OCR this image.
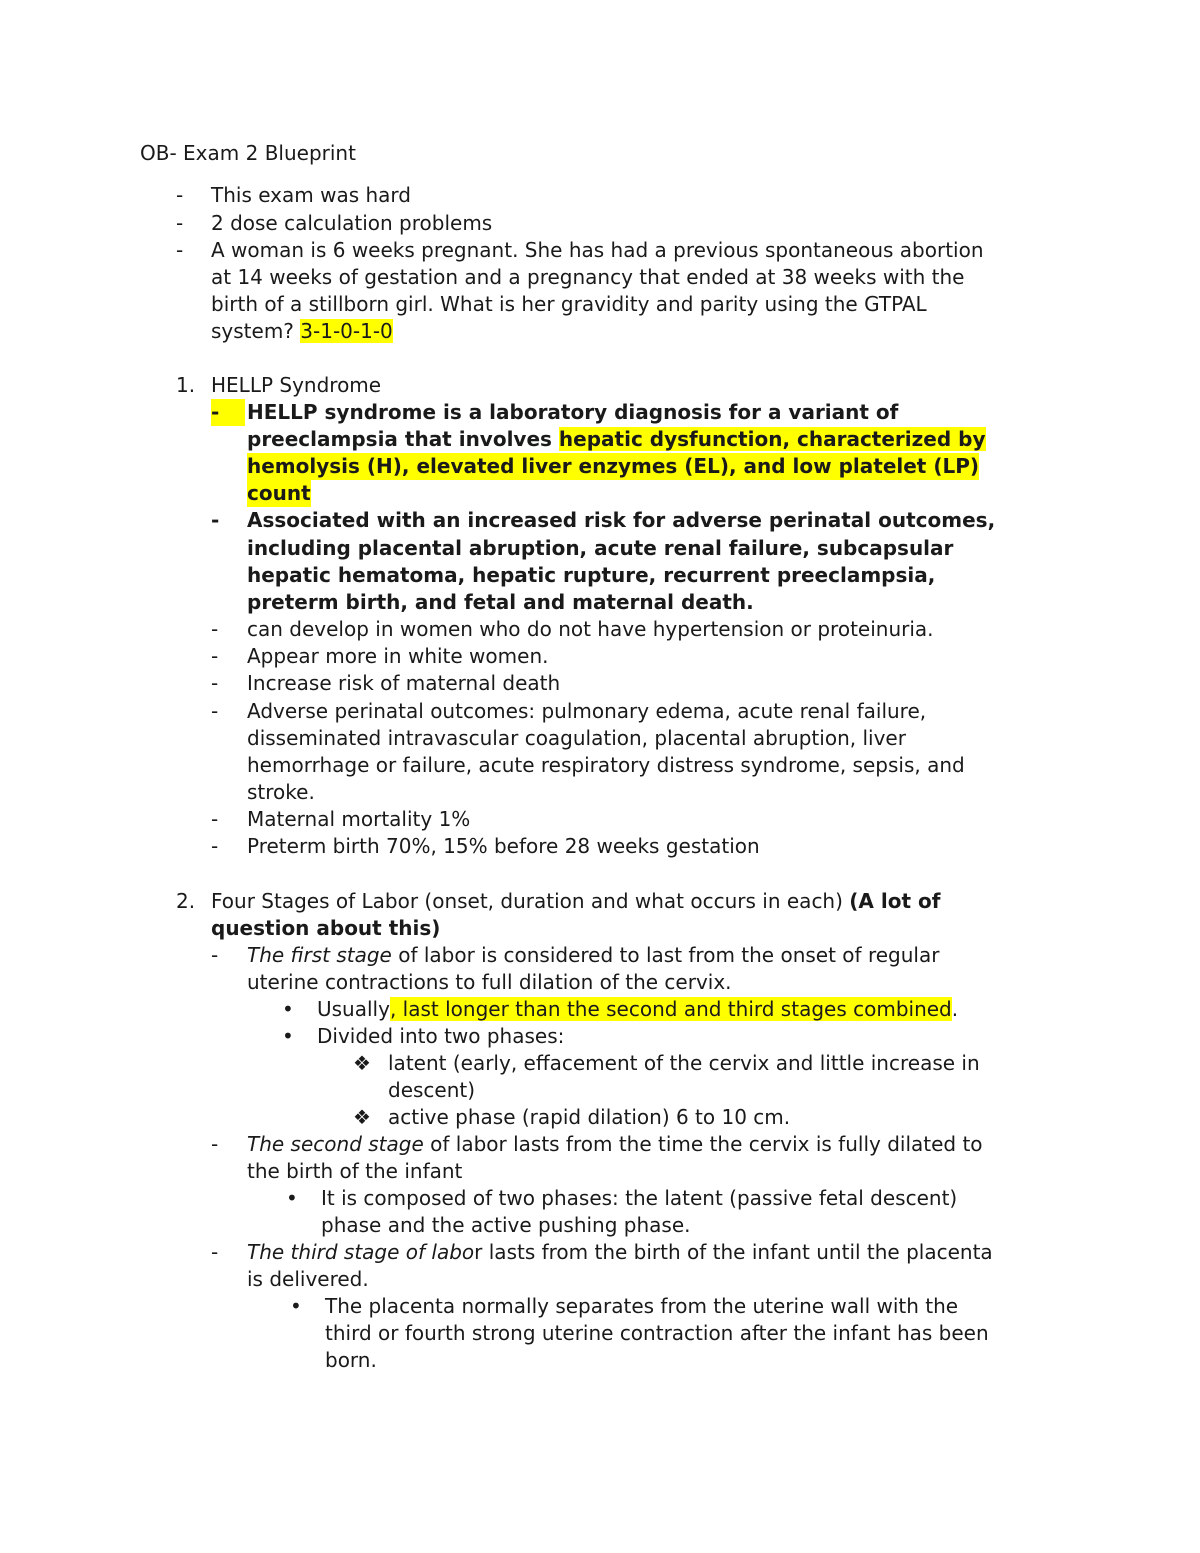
OB- Exam 2 Blueprint
- This exam was hard
- 2 dose calculation problems
- A woman is 6 weeks pregnant. She has had a previous spontaneous abortion
at 14 weeks of gestation and a pregnancy that ended at 38 weeks with the
birth of a stillborn girl. What is her gravidity and parity using the GTPAL
system? 3-1-0-1-0
1. HELLP Syndrome
-	HELLP syndrome is a laboratory diagnosis for a variant of
preeclampsia that involves hepatic dysfunction, characterized by
hemolysis (H), elevated liver enzymes (EL), and low platelet (LP)
count
- Associated with an increased risk for adverse perinatal outcomes,
including placental abruption, acute renal failure, subcapsular
hepatic hematoma, hepatic rupture, recurrent preeclampsia,
preterm birth, and fetal and maternal death.
- can develop in women who do not have hypertension or proteinuria.
- Appear more in white women.
- Increase risk of maternal death
- Adverse perinatal outcomes: pulmonary edema, acute renal failure,
disseminated intravascular coagulation, placental abruption, liver
hemorrhage or failure, acute respiratory distress syndrome, sepsis, and
stroke.
- Maternal mortality 1%
- Preterm birth 70%, 15% before 28 weeks gestation
2. Four Stages of Labor (onset, duration and what occurs in each) (A lot of
question about this)
- The first stage of labor is considered to last from the onset of regular
uterine contractions to full dilation of the cervix.
• Usually, last longer than the second and third stages combined.
• Divided into two phases:
❖ latent (early, effacement of the cervix and little increase in
descent)
❖ active phase (rapid dilation) 6 to 10 cm.
- The second stage of labor lasts from the time the cervix is fully dilated to
the birth of the infant
• It is composed of two phases: the latent (passive fetal descent)
phase and the active pushing phase.
- The third stage of labor lasts from the birth of the infant until the placenta
is delivered.
• The placenta normally separates from the uterine wall with the
third or fourth strong uterine contraction after the infant has been
born.
